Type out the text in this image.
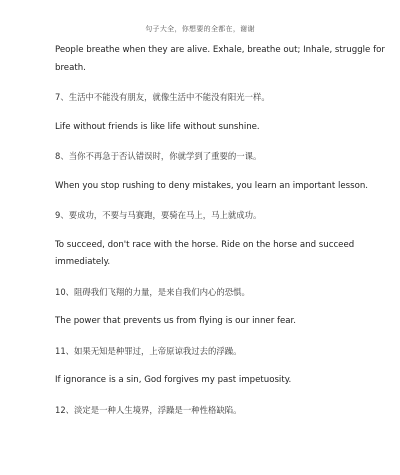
句子大全，你想要的全都在，谢谢
People breathe when they are alive. Exhale, breathe out; Inhale, struggle for
breath.
7、生活中不能没有朋友，就像生活中不能没有阳光一样。
Life without friends is like life without sunshine.
8、当你不再急于否认错误时，你就学到了重要的一课。
When you stop rushing to deny mistakes, you learn an important lesson.
9、要成功，不要与马赛跑，要骑在马上，马上就成功。
To succeed, don't race with the horse. Ride on the horse and succeed
immediately.
10、阻碍我们飞翔的力量，是来自我们内心的恐惧。
The power that prevents us from flying is our inner fear.
11、如果无知是种罪过，上帝原谅我过去的浮躁。
If ignorance is a sin, God forgives my past impetuosity.
12、淡定是一种人生境界，浮躁是一种性格缺陷。
